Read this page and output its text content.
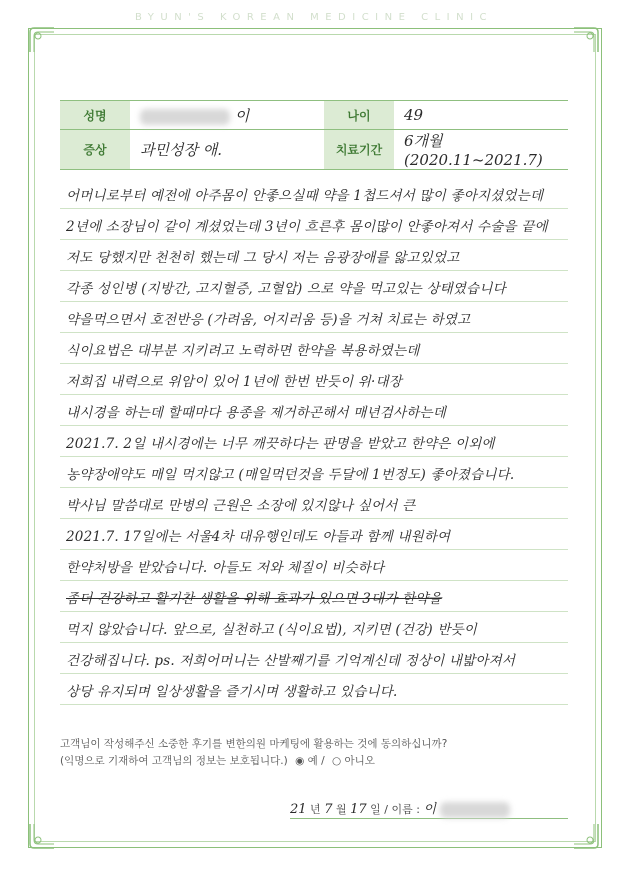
BYUN'S KOREAN MEDICINE CLINIC
성명	이	나이	49
증상	과민성장 애.	치료기간	6개월 (2020.11~2021.7)
어머니로부터 예전에 아주몸이 안좋으실때 약을 1첩드셔서 많이 좋아지셨었는데
2년에 소장님이 같이 계셨었는데 3년이 흐른후 몸이많이 안좋아져서 수술을 끝에
저도 당했지만 천천히 했는데 그 당시 저는 음광장애를 앓고있었고
각종 성인병 (지방간, 고지혈증, 고혈압) 으로 약을 먹고있는 상태였습니다
약을먹으면서 호전반응 (가려움, 어지러움 등)을 거쳐 치료는 하였고
식이요법은 대부분 지키려고 노력하면 한약을 복용하였는데
저희집 내력으로 위암이 있어 1년에 한번 반듯이 위·대장
내시경을 하는데 할때마다 용종을 제거하곤해서 매년검사하는데
2021.7. 2일 내시경에는 너무 깨끗하다는 판명을 받았고 한약은 이외에
농약장애약도 매일 먹지않고 (매일먹던것을 두달에 1번정도) 좋아졌습니다.
박사님 말씀대로 만병의 근원은 소장에 있지않나 싶어서 큰
2021.7. 17일에는 서울4차 대유행인데도 아들과 함께 내원하여
한약처방을 받았습니다. 아들도 저와 체질이 비슷하다
좀더 건강하고 활기찬 생활을 위해 효과가 있으면 3대가 한약을
먹지 않았습니다. 앞으로, 실천하고 (식이요법), 지키면 (건강) 반듯이
건강해집니다. ps. 저희어머니는 산발째기를 기억계신데 정상이 내밟아져서
상당 유지되며 일상생활을 즐기시며 생활하고 있습니다.
고객님이 작성해주신 소중한 후기를 변한의원 마케팅에 활용하는 것에 동의하십니까?
(익명으로 기재하여 고객님의 정보는 보호됩니다.) ◉ 예 / ○ 아니오
21 년 7 월 17 일 / 이름 : 이
